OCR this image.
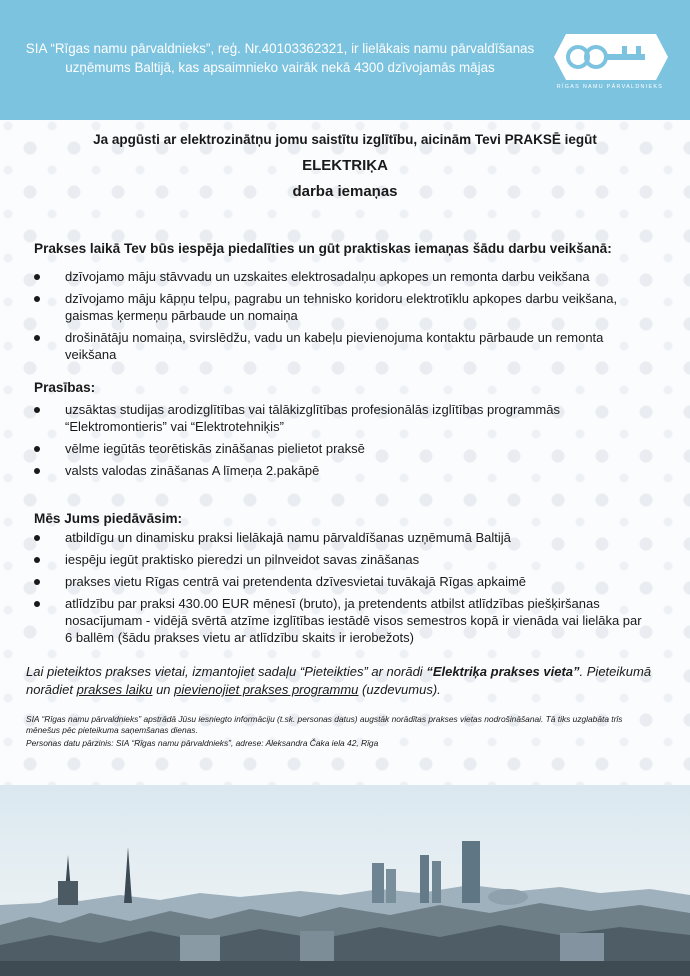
SIA “Rīgas namu pārvaldnieks”, reģ. Nr.40103362321, ir lielākais namu pārvaldīšanas uzņēmums Baltijā, kas apsaimnieko vairāk nekā 4300 dzīvojamās mājas
RĪGAS NAMU PĀRVALDNIEKS
Ja apgūsti ar elektrozinātņu jomu saistītu izglītību, aicinām Tevi PRAKSĒ iegūt
ELEKTRIĶA
darba iemaņas
Prakses laikā Tev būs iespēja piedalīties un gūt praktiskas iemaņas šādu darbu veikšanā:
dzīvojamo māju stāvvadu un uzskaites elektrosadalņu apkopes un remonta darbu veikšana
dzīvojamo māju kāpņu telpu, pagrabu un tehnisko koridoru elektrotīklu apkopes darbu veikšana, gaismas ķermeņu pārbaude un nomaiņa
drošinātāju nomaiņa, svirslēdžu, vadu un kabeļu pievienojuma kontaktu pārbaude un remonta veikšana
Prasības:
uzsāktas studijas arodizglītības vai tālākizglītības profesionālās izglītības programmās “Elektromontieris” vai “Elektrotehniķis”
vēlme iegūtās teorētiskās zināšanas pielietot praksē
valsts valodas zināšanas A līmeņa 2.pakāpē
Mēs Jums piedāvāsim:
atbildīgu un dinamisku praksi lielākajā namu pārvaldīšanas uzņēmumā Baltijā
iespēju iegūt praktisko pieredzi un pilnveidot savas zināšanas
prakses vietu Rīgas centrā vai pretendenta dzīvesvietai tuvākajā Rīgas apkaimē
atlīdzību par praksi 430.00 EUR mēnesī (bruto), ja pretendents atbilst atlīdzības piešķiršanas nosacījumam - vidējā svērtā atzīme izglītības iestādē visos semestros kopā ir vienāda vai lielāka par 6 ballēm (šādu prakses vietu ar atlīdzību skaits ir ierobežots)
Lai pieteiktos prakses vietai, izmantojiet sadaļu “Pieteikties” ar norādi “Elektriķa prakses vieta”. Pieteikumā norādiet prakses laiku un pievienojiet prakses programmu (uzdevumus).
SIA “Rīgas namu pārvaldnieks” apstrādā Jūsu iesniegto informāciju (t.sk. personas datus) augstāk norādītas prakses vietas nodrošināšanai. Tā tiks uzglabāta trīs mēnešus pēc pieteikuma saņemšanas dienas.
Personas datu pārzinis: SIA “Rīgas namu pārvaldnieks”, adrese: Aleksandra Čaka iela 42, Rīga
